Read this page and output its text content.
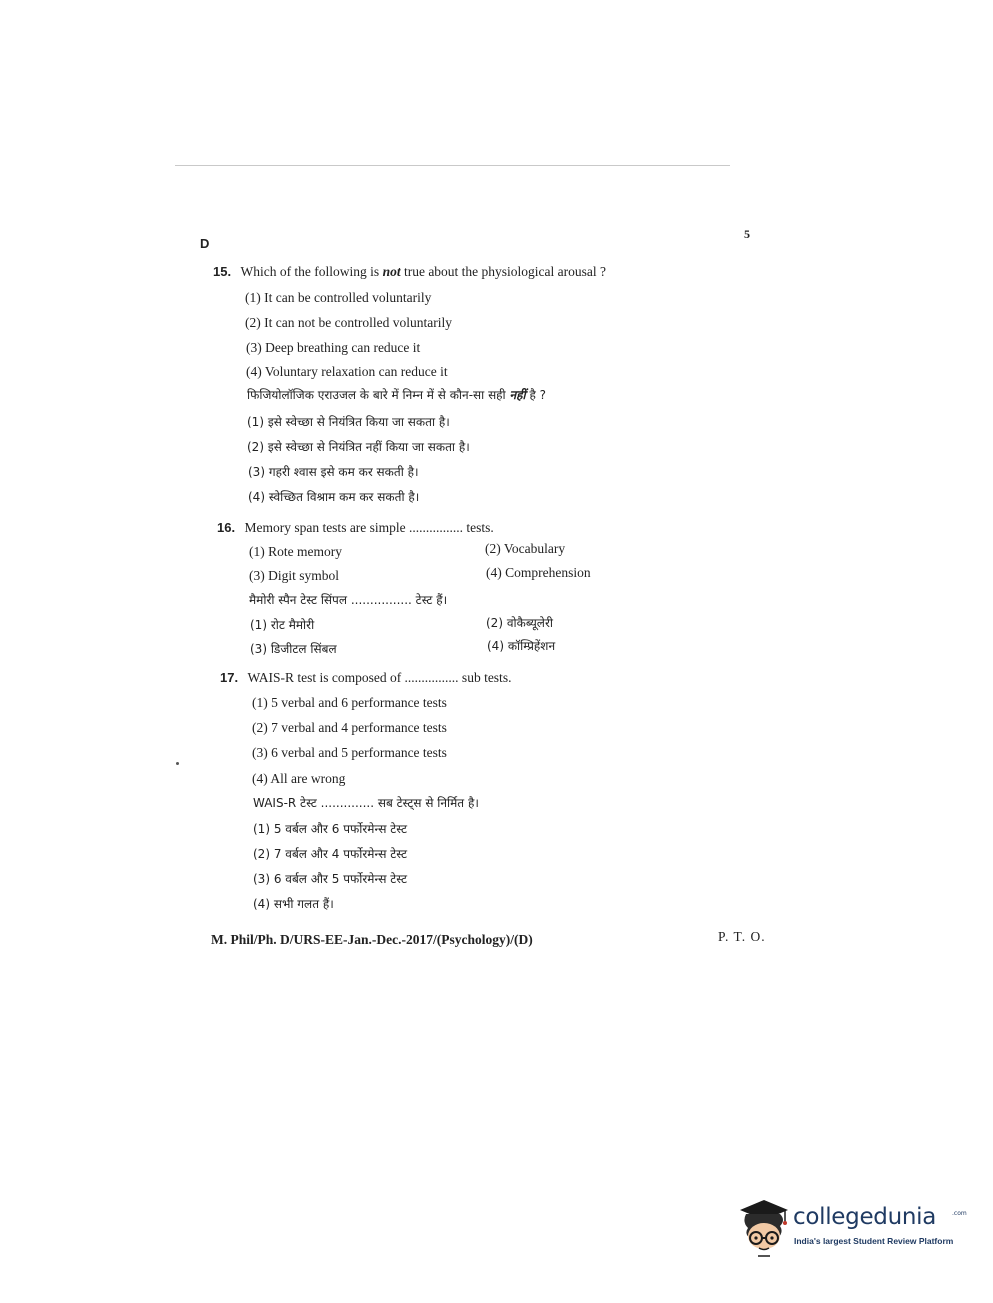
D
5
15. Which of the following is not true about the physiological arousal ?
(1) It can be controlled voluntarily
(2) It can not be controlled voluntarily
(3) Deep breathing can reduce it
(4) Voluntary relaxation can reduce it
फिजियोलॉजिक एराउजल के बारे में निम्न में से कौन-सा सही नहीं है ?
(1) इसे स्वेच्छा से नियंत्रित किया जा सकता है।
(2) इसे स्वेच्छा से नियंत्रित नहीं किया जा सकता है।
(3) गहरी श्वास इसे कम कर सकती है।
(4) स्वेच्छित विश्राम कम कर सकती है।
16. Memory span tests are simple ................ tests.
(1) Rote memory	(2) Vocabulary
(3) Digit symbol	(4) Comprehension
मैमोरी स्पैन टेस्ट सिंपल ................ टेस्ट हैं।
(1) रोट मैमोरी	(2) वोकैब्यूलेरी
(3) डिजीटल सिंबल	(4) कॉम्प्रिहेंशन
17. WAIS-R test is composed of ................ sub tests.
(1) 5 verbal and 6 performance tests
(2) 7 verbal and 4 performance tests
(3) 6 verbal and 5 performance tests
(4) All are wrong
WAIS-R टेस्ट .............. सब टेस्ट्स से निर्मित है।
(1) 5 वर्बल और 6 पर्फोरमेन्स टेस्ट
(2) 7 वर्बल और 4 पर्फोरमेन्स टेस्ट
(3) 6 वर्बल और 5 पर्फोरमेन्स टेस्ट
(4) सभी गलत हैं।
M. Phil/Ph. D/URS-EE-Jan.-Dec.-2017/(Psychology)/(D)	P. T. O.
collegedunia	.com
India's largest Student Review Platform
